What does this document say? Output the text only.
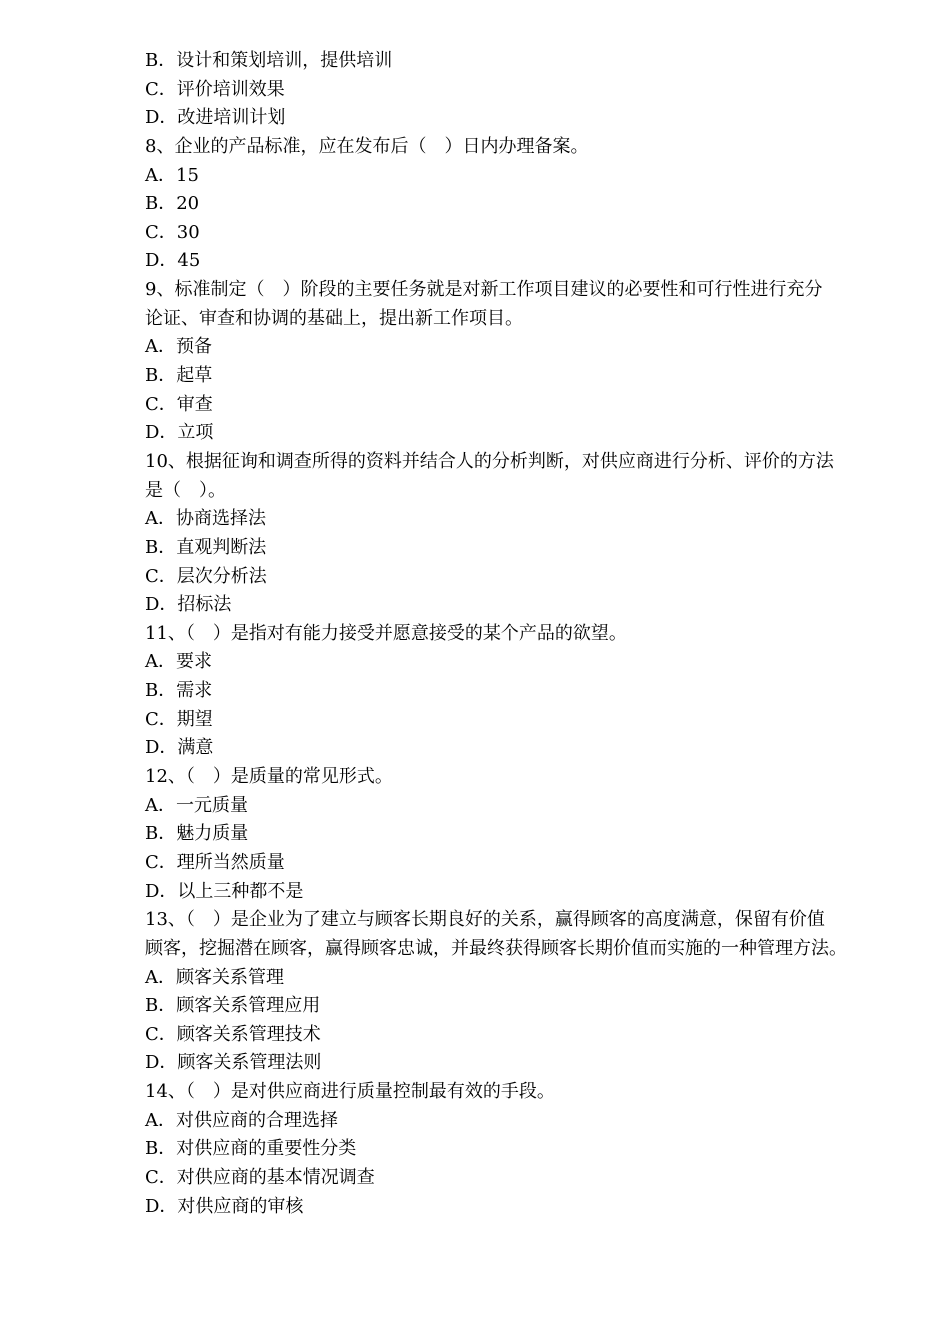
B．设计和策划培训，提供培训
C．评价培训效果
D．改进培训计划
8、企业的产品标准，应在发布后（　）日内办理备案。
A．15
B．20
C．30
D．45
9、标准制定（　）阶段的主要任务就是对新工作项目建议的必要性和可行性进行充分
论证、审查和协调的基础上，提出新工作项目。
A．预备
B．起草
C．审查
D．立项
10、根据征询和调查所得的资料并结合人的分析判断，对供应商进行分析、评价的方法
是（　）。
A．协商选择法
B．直观判断法
C．层次分析法
D．招标法
11、（　）是指对有能力接受并愿意接受的某个产品的欲望。
A．要求
B．需求
C．期望
D．满意
12、（　）是质量的常见形式。
A．一元质量
B．魅力质量
C．理所当然质量
D．以上三种都不是
13、（　）是企业为了建立与顾客长期良好的关系，赢得顾客的高度满意，保留有价值
顾客，挖掘潜在顾客，赢得顾客忠诚，并最终获得顾客长期价值而实施的一种管理方法。
A．顾客关系管理
B．顾客关系管理应用
C．顾客关系管理技术
D．顾客关系管理法则
14、（　）是对供应商进行质量控制最有效的手段。
A．对供应商的合理选择
B．对供应商的重要性分类
C．对供应商的基本情况调查
D．对供应商的审核
